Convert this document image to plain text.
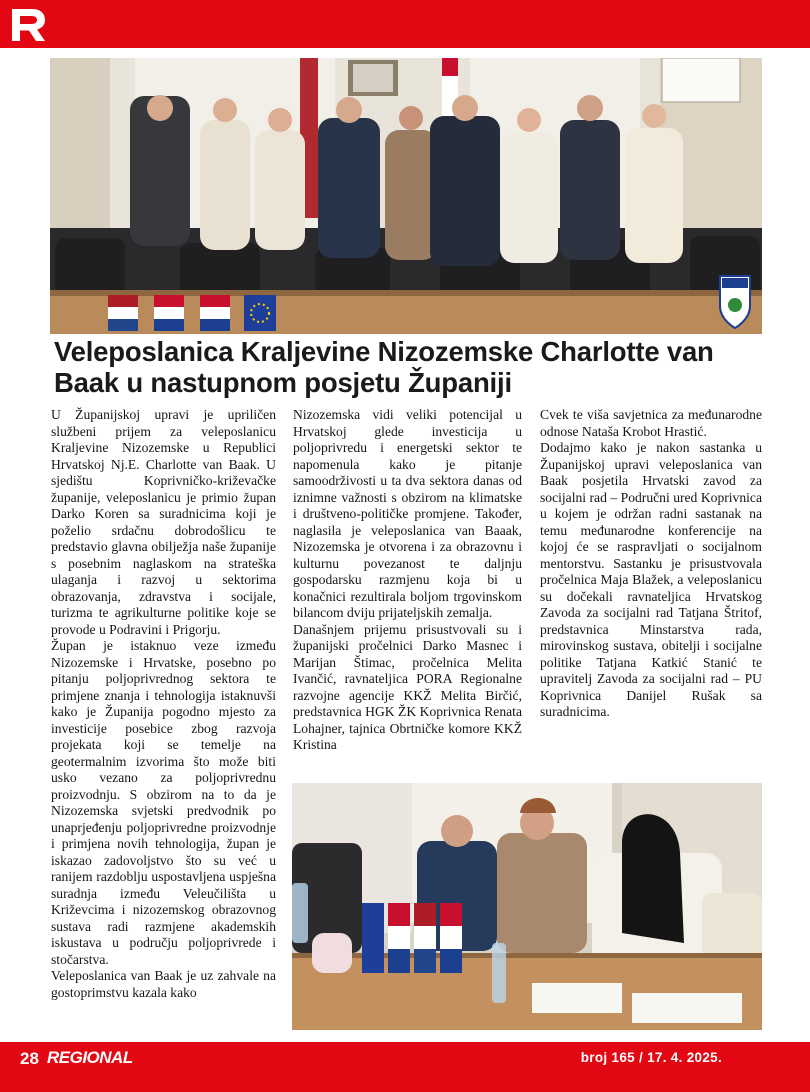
Veleposlanica Kraljevine Nizozemske Charlotte van Baak u nastupnom posjetu Županiji

U Županijskoj upravi je upriličen službeni prijem za veleposlanicu Kraljevine Nizozemske u Republici Hrvatskoj Nj.E. Charlotte van Baak. U sjedištu Koprivničko-križevačke županije, veleposlanicu je primio župan Darko Koren sa suradnicima koji je poželio srdačnu dobrodošlicu te predstavio glavna obilježja naše županije s posebnim naglaskom na strateška ulaganja i razvoj u sektorima obrazovanja, zdravstva i socijale, turizma te agrikulturne politike koje se provode u Podravini i Prigorju.

Župan je istaknuo veze između Nizozemske i Hrvatske, posebno po pitanju poljoprivrednog sektora te primjene znanja i tehnologija istaknuvši kako je Županija pogodno mjesto za investicije posebice zbog razvoja projekata koji se temelje na geotermalnim izvorima što može biti usko vezano za poljoprivrednu proizvodnju. S obzirom na to da je Nizozemska svjetski predvodnik po unaprjeđenju poljoprivredne proizvodnje i primjena novih tehnologija, župan je iskazao zadovoljstvo što su već u ranijem razdoblju uspostavljena uspješna suradnja između Veleučilišta u Križevcima i nizozemskog obrazovnog sustava radi razmjene akademskih iskustava u području poljoprivrede i stočarstva.

Veleposlanica van Baak je uz zahvale na gostoprimstvu kazala kako

Nizozemska vidi veliki potencijal u Hrvatskoj glede investicija u poljoprivredu i energetski sektor te napomenula kako je pitanje samoodrživosti u ta dva sektora danas od iznimne važnosti s obzirom na klimatske i društveno-političke promjene. Također, naglasila je veleposlanica van Baaak, Nizozemska je otvorena i za obrazovnu i kulturnu povezanost te daljnju gospodarsku razmjenu koja bi u konačnici rezultirala boljom trgovinskom bilancom dviju prijateljskih zemalja.

Današnjem prijemu prisustvovali su i županijski pročelnici Darko Masnec i Marijan Štimac, pročelnica Melita Ivančić, ravnateljica PORA Regionalne razvojne agencije KKŽ Melita Birčić, predstavnica HGK ŽK Koprivnica Renata Lohajner, tajnica Obrtničke komore KKŽ Kristina

Cvek te viša savjetnica za međunarodne odnose Nataša Krobot Hrastić.

Dodajmo kako je nakon sastanka u Županijskoj upravi veleposlanica van Baak posjetila Hrvatski zavod za socijalni rad – Područni ured Koprivnica u kojem je održan radni sastanak na temu međunarodne konferencije na kojoj će se raspravljati o socijalnom mentorstvu. Sastanku je prisustvovala pročelnica Maja Blažek, a veleposlanicu su dočekali ravnateljica Hrvatskog Zavoda za socijalni rad Tatjana Štritof, predstavnica Minstarstva rada, mirovinskog sustava, obitelji i socijalne politike Tatjana Katkić Stanić te upravitelj Zavoda za socijalni rad – PU Koprivnica Danijel Rušak sa suradnicima.

28 REGIONAL	broj 165 / 17. 4. 2025.
